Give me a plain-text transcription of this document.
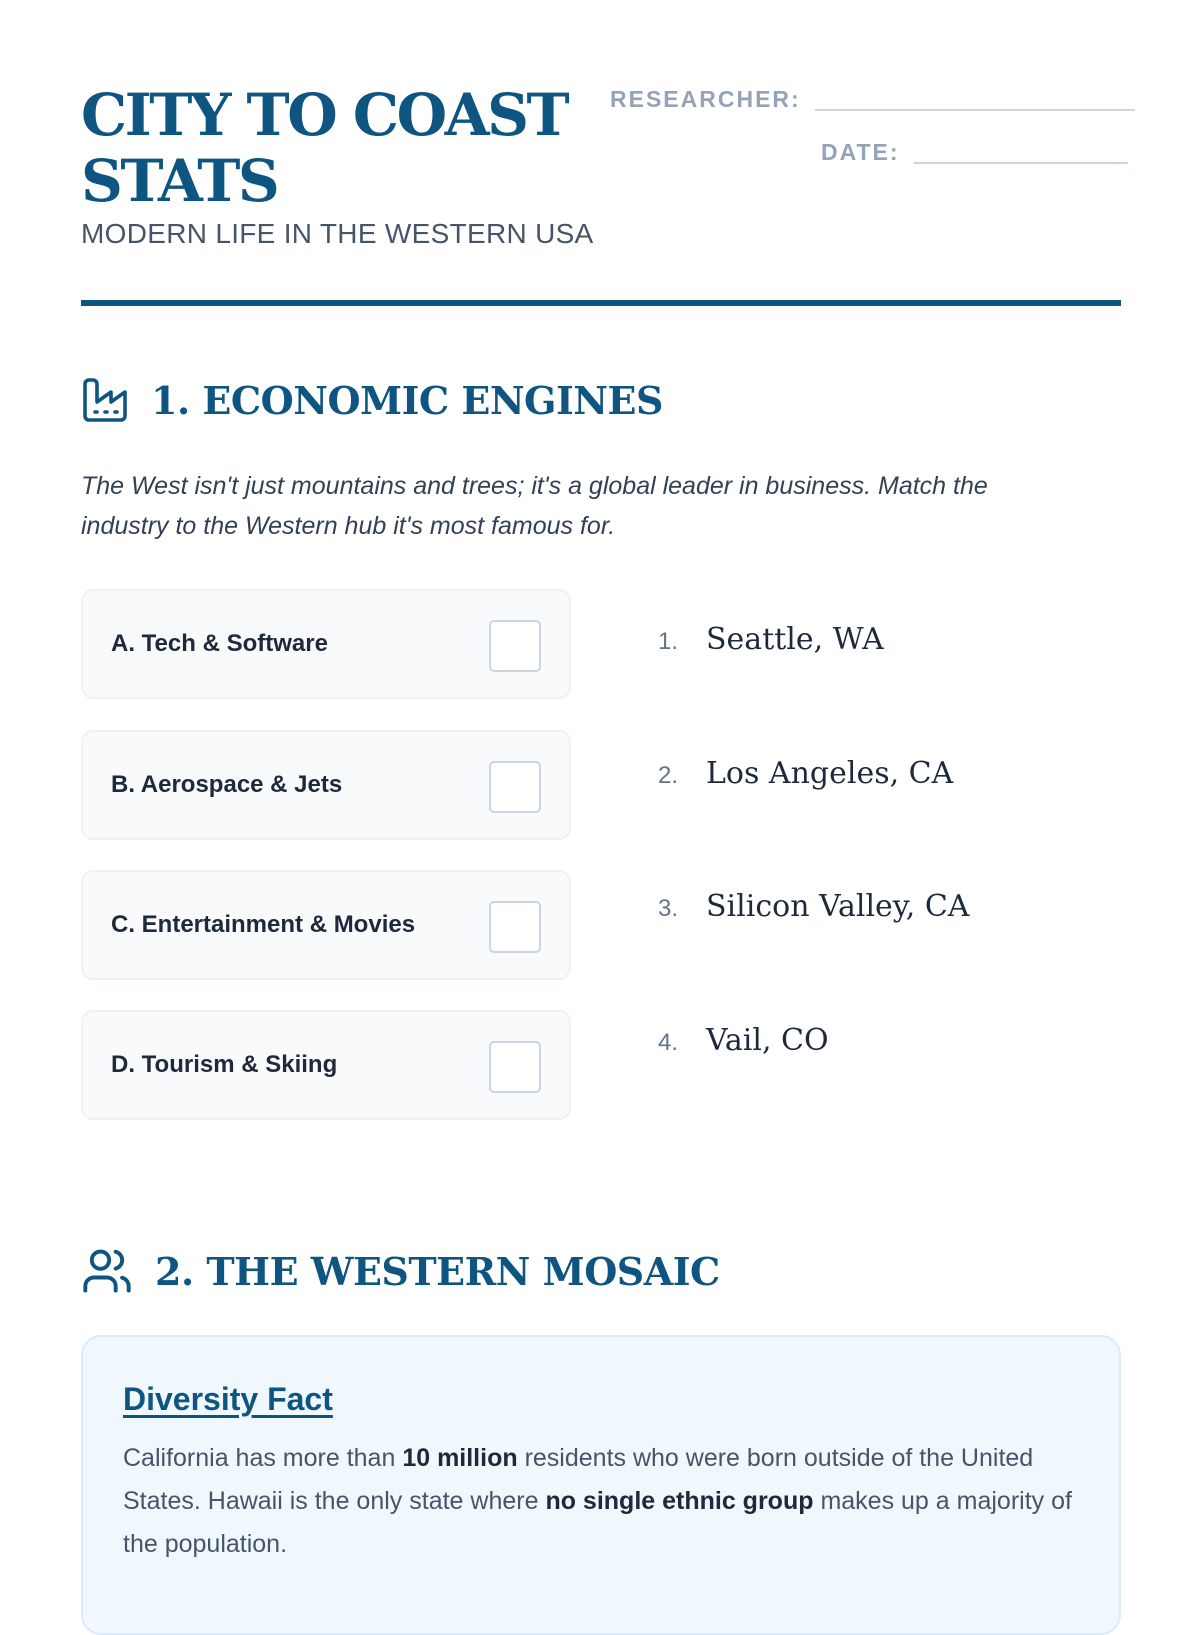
CITY TO COAST STATS
MODERN LIFE IN THE WESTERN USA
RESEARCHER:
DATE:
1. ECONOMIC ENGINES
The West isn't just mountains and trees; it's a global leader in business. Match the industry to the Western hub it's most famous for.
A. Tech & Software
B. Aerospace & Jets
C. Entertainment & Movies
D. Tourism & Skiing
1. Seattle, WA
2. Los Angeles, CA
3. Silicon Valley, CA
4. Vail, CO
2. THE WESTERN MOSAIC
Diversity Fact
California has more than 10 million residents who were born outside of the United States. Hawaii is the only state where no single ethnic group makes up a majority of the population.
